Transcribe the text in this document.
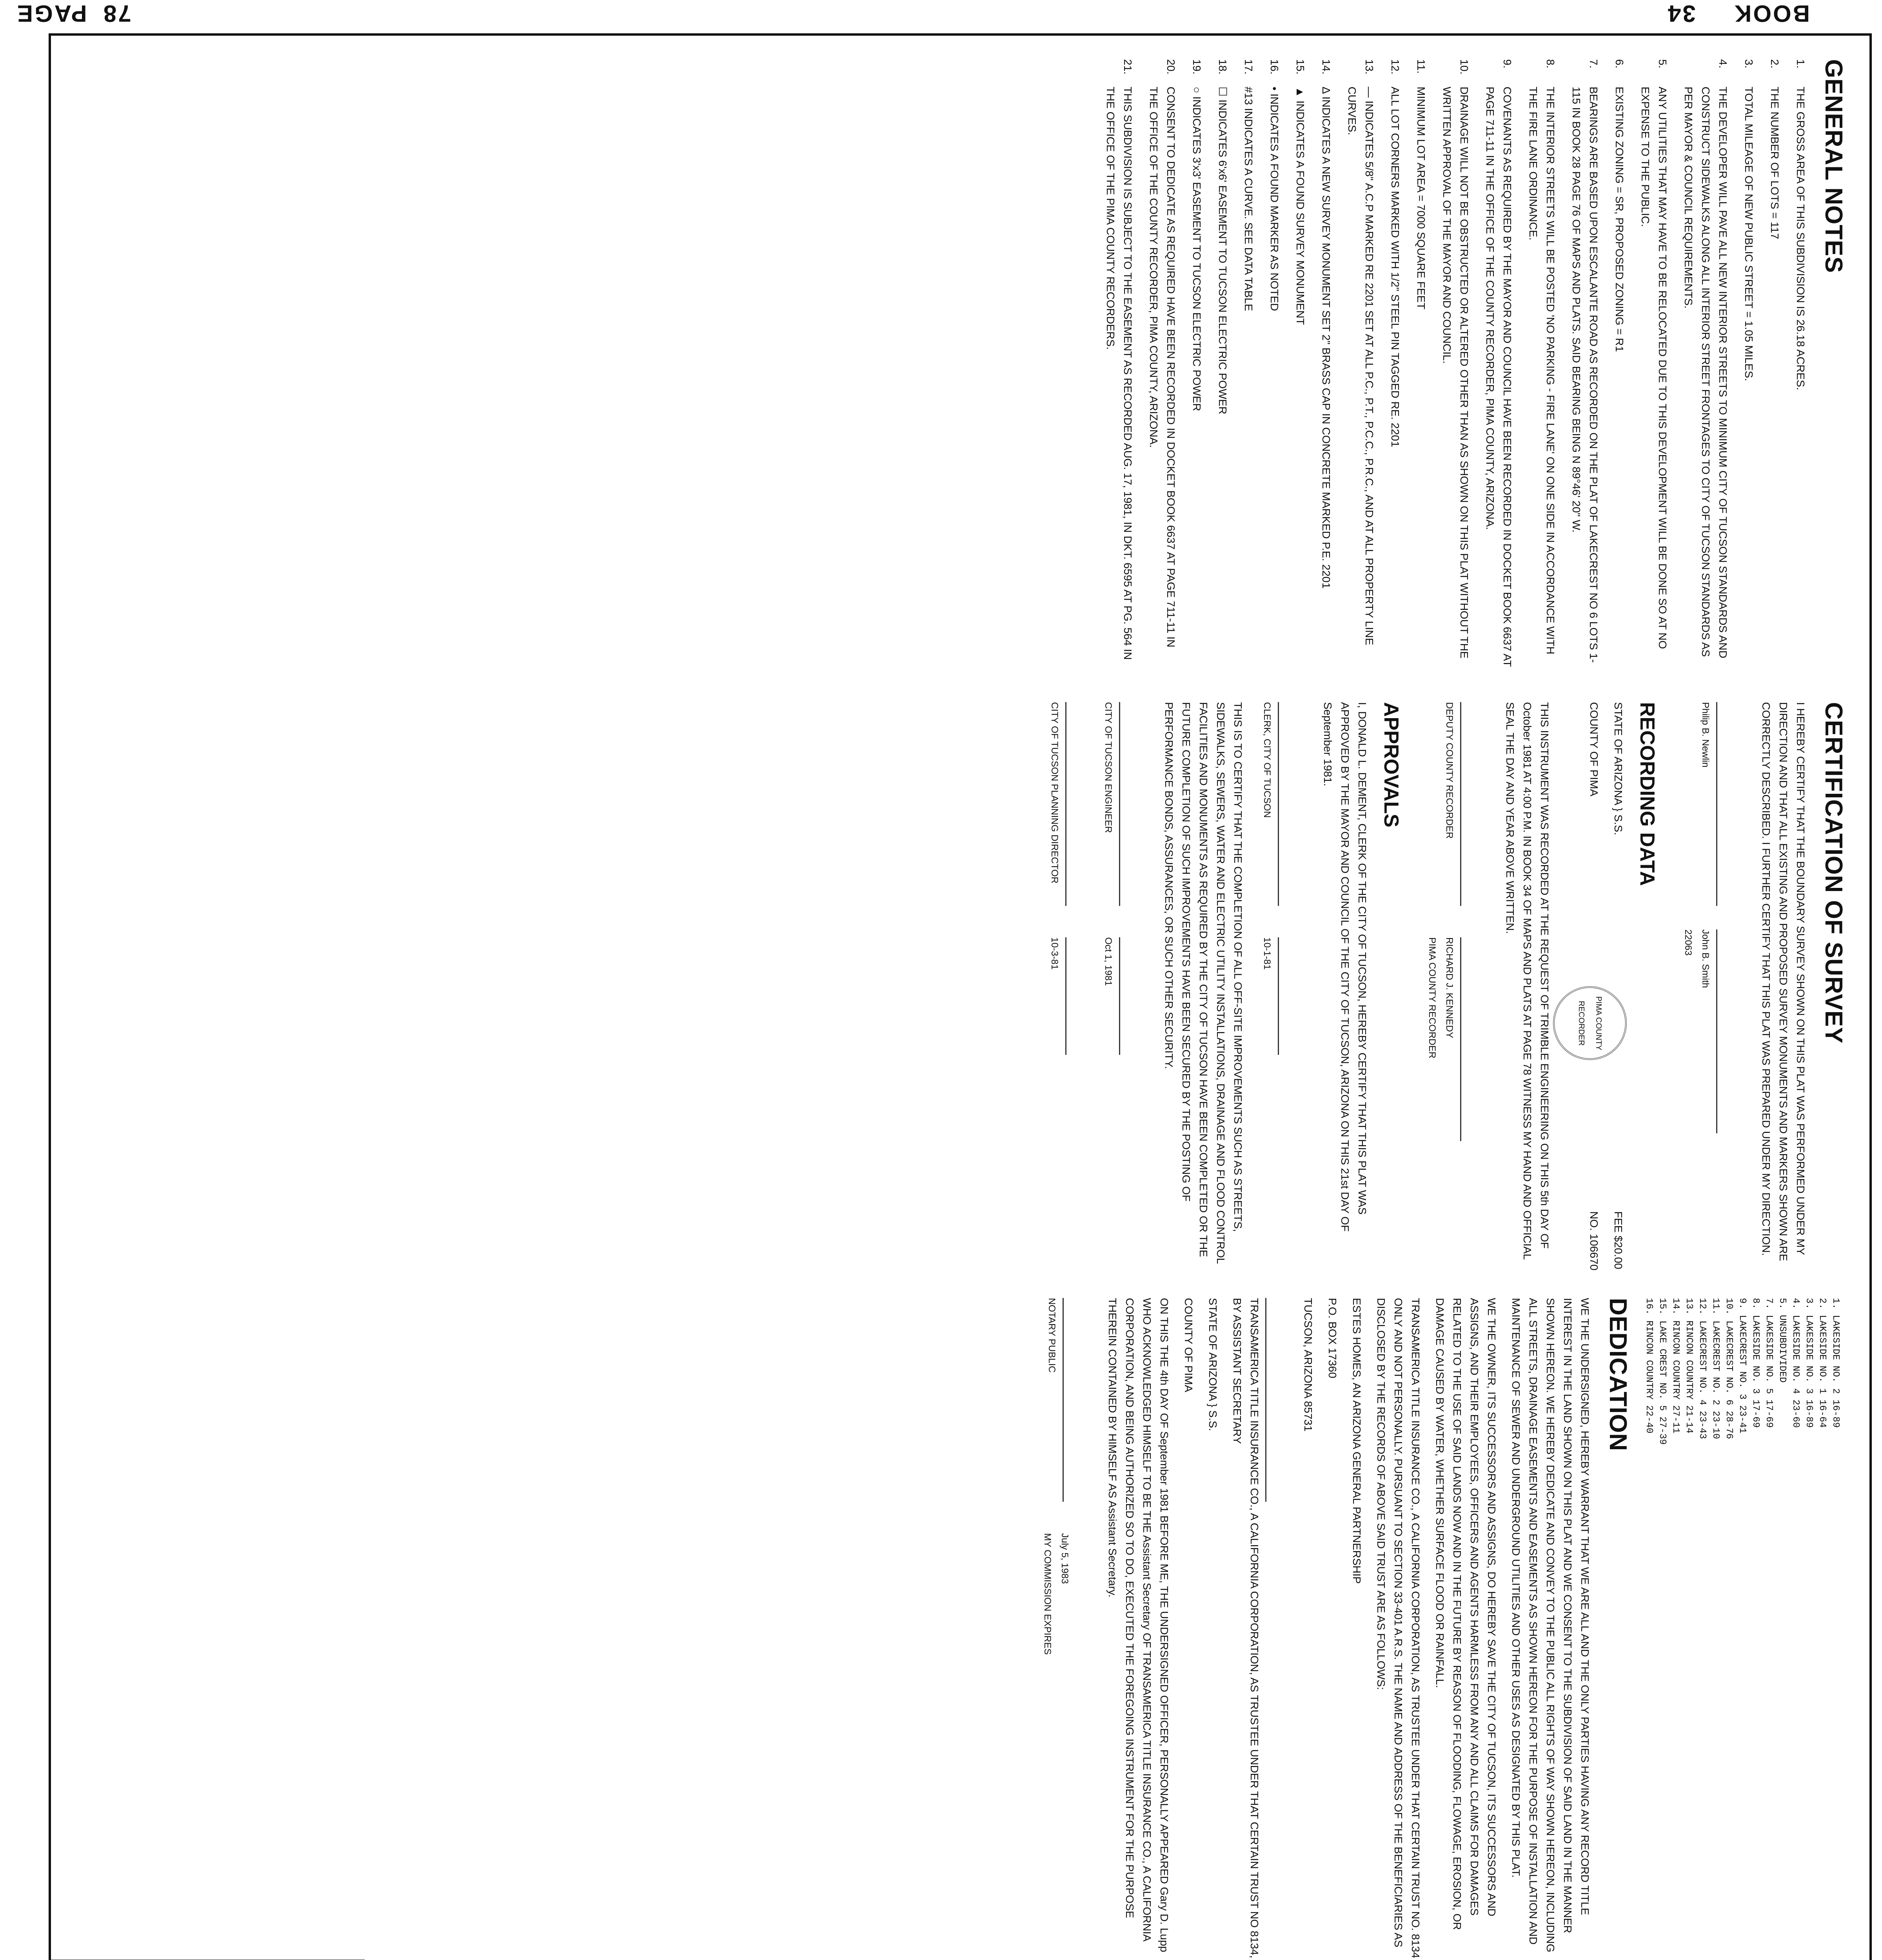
PAGE 78	BOOK
34
GENERAL NOTES
1.
THE GROSS AREA OF THIS SUBDIVISION IS 26.18 ACRES.
2.
THE NUMBER OF LOTS = 117
3.
TOTAL MILEAGE OF NEW PUBLIC STREET = 1.05 MILES.
4.
THE DEVELOPER WILL PAVE ALL NEW INTERIOR STREETS TO MINIMUM CITY OF TUCSON STANDARDS AND CONSTRUCT SIDEWALKS ALONG ALL INTERIOR STREET FRONTAGES TO CITY OF TUCSON STANDARDS AS PER MAYOR & COUNCIL REQUIREMENTS.
5.
ANY UTILITIES THAT MAY HAVE TO BE RELOCATED DUE TO THIS DEVELOPMENT WILL BE DONE SO AT NO EXPENSE TO THE PUBLIC.
6.
EXISTING ZONING = SR, PROPOSED ZONING = R1
7.
BEARINGS ARE BASED UPON ESCALANTE ROAD AS RECORDED ON THE PLAT OF LAKECREST NO 6 LOTS 1-115 IN BOOK 28 PAGE 76 OF MAPS AND PLATS. SAID BEARING BEING N 89°46' 20" W.
8.
THE INTERIOR STREETS WILL BE POSTED 'NO PARKING - FIRE LANE' ON ONE SIDE IN ACCORDANCE WITH THE FIRE LANE ORDINANCE.
9.
COVENANTS AS REQUIRED BY THE MAYOR AND COUNCIL HAVE BEEN RECORDED IN DOCKET BOOK 6637 AT PAGE 711-11 IN THE OFFICE OF THE COUNTY RECORDER, PIMA COUNTY, ARIZONA.
10.
DRAINAGE WILL NOT BE OBSTRUCTED OR ALTERED OTHER THAN AS SHOWN ON THIS PLAT WITHOUT THE WRITTEN APPROVAL OF THE MAYOR AND COUNCIL.
11.
MINIMUM LOT AREA = 7000 SQUARE FEET
12.
ALL LOT CORNERS MARKED WITH 1/2" STEEL PIN TAGGED RE. 2201
13.
— INDICATES 5/8" A.C.P MARKED RE 2201 SET AT ALL P.C., P.T., P.C.C., P.R.C., AND AT ALL PROPERTY LINE CURVES.
14.
Δ INDICATES A NEW SURVEY MONUMENT SET 2" BRASS CAP IN CONCRETE MARKED P.E. 2201
15.
▲ INDICATES A FOUND SURVEY MONUMENT
16.
• INDICATES A FOUND MARKER AS NOTED
17.
#13 INDICATES A CURVE. SEE DATA TABLE
18.
☐ INDICATES 6'x6' EASEMENT TO TUCSON ELECTRIC POWER
19.
○ INDICATES 3'x3' EASEMENT TO TUCSON ELECTRIC POWER
20.
CONSENT TO DEDICATE AS REQUIRED HAVE BEEN RECORDED IN DOCKET BOOK 6637 AT PAGE 711-11 IN THE OFFICE OF THE COUNTY RECORDER, PIMA COUNTY, ARIZONA.
21.
THIS SUBDIVISION IS SUBJECT TO THE EASEMENT AS RECORDED AUG. 17, 1981, IN DKT. 6595 AT PG. 564 IN THE OFFICE OF THE PIMA COUNTY RECORDERS.
CERTIFICATION OF SURVEY

I HEREBY CERTIFY THAT THE BOUNDARY SURVEY SHOWN ON THIS PLAT WAS PERFORMED UNDER MY DIRECTION AND THAT ALL EXISTING AND PROPOSED SURVEY MONUMENTS AND MARKERS SHOWN ARE CORRECTLY DESCRIBED. I FURTHER CERTIFY THAT THIS PLAT WAS PREPARED UNDER MY DIRECTION.

Philip B. Newlin
John B. Smith
22063
RECORDING DATA

STATE OF ARIZONA } S.S.

COUNTY OF PIMA

PIMA COUNTY RECORDER

FEE $20.00

NO. 106670

THIS INSTRUMENT WAS RECORDED AT THE REQUEST OF TRIMBLE ENGINEERING ON THIS 5th DAY OF October 1981 AT 4:00 P.M. IN BOOK 34 OF MAPS AND PLATS AT PAGE 78 WITNESS MY HAND AND OFFICIAL SEAL THE DAY AND YEAR ABOVE WRITTEN.

DEPUTY COUNTY RECORDER
RICHARD J. KENNEDY
PIMA COUNTY RECORDER
APPROVALS

I, DONALD L. DEMENT, CLERK OF THE CITY OF TUCSON, HEREBY CERTIFY THAT THIS PLAT WAS APPROVED BY THE MAYOR AND COUNCIL OF THE CITY OF TUCSON, ARIZONA ON THIS 21st DAY OF September 1981.

CLERK, CITY OF TUCSON
10-1-81

THIS IS TO CERTIFY THAT THE COMPLETION OF ALL OFF-SITE IMPROVEMENTS SUCH AS STREETS, SIDEWALKS, SEWERS, WATER AND ELECTRIC UTILITY INSTALLATIONS, DRAINAGE AND FLOOD CONTROL FACILITIES AND MONUMENTS AS REQUIRED BY THE CITY OF TUCSON HAVE BEEN COMPLETED OR THE FUTURE COMPLETION OF SUCH IMPROVEMENTS HAVE BEEN SECURED BY THE POSTING OF PERFORMANCE BONDS, ASSURANCES, OR SUCH OTHER SECURITY.

CITY OF TUCSON ENGINEER
Oct 1, 1981
CITY OF TUCSON PLANNING DIRECTOR
10-3-81
1. LAKESIDE NO. 2 16-89
2. LAKESIDE NO. 1 16-64
3. LAKESIDE NO. 3 16-89
4. LAKESIDE NO. 4 23-60
5. UNSUBDIVIDED
7. LAKESIDE NO. 5 17-69
8. LAKESIDE NO. 3 17-69
9. LAKECREST NO. 3 23-41
10. LAKECREST NO. 6 28-76
11. LAKECREST NO. 2 23-10
12. LAKECREST NO. 4 23-43
13. RINCON COUNTRY 21-14
14. RINCON COUNTRY 27-11
15. LAKE CREST NO. 5 27-39
16. RINCON COUNTRY 22-40
DEDICATION

WE THE UNDERSIGNED, HEREBY WARRANT THAT WE ARE ALL AND THE ONLY PARTIES HAVING ANY RECORD TITLE INTEREST IN THE LAND SHOWN ON THIS PLAT AND WE CONSENT TO THE SUBDIVISION OF SAID LAND IN THE MANNER SHOWN HEREON. WE HEREBY DEDICATE AND CONVEY TO THE PUBLIC ALL RIGHTS OF WAY SHOWN HEREON, INCLUDING ALL STREETS, DRAINAGE EASEMENTS AND EASEMENTS AS SHOWN HEREON FOR THE PURPOSE OF INSTALLATION AND MAINTENANCE OF SEWER AND UNDERGROUND UTILITIES AND OTHER USES AS DESIGNATED BY THIS PLAT.

WE THE OWNER, ITS SUCCESSORS AND ASSIGNS, DO HEREBY SAVE THE CITY OF TUCSON, ITS SUCCESSORS AND ASSIGNS, AND THEIR EMPLOYEES, OFFICERS AND AGENTS HARMLESS FROM ANY AND ALL CLAIMS FOR DAMAGES RELATED TO THE USE OF SAID LANDS NOW AND IN THE FUTURE BY REASON OF FLOODING, FLOWAGE, EROSION, OR DAMAGE CAUSED BY WATER, WHETHER SURFACE FLOOD OR RAINFALL.

TRANSAMERICA TITLE INSURANCE CO., A CALIFORNIA CORPORATION, AS TRUSTEE UNDER THAT CERTAIN TRUST NO. 8134 ONLY AND NOT PERSONALLY. PURSUANT TO SECTION 33-401 A.R.S. THE NAME AND ADDRESS OF THE BENEFICIARIES AS DISCLOSED BY THE RECORDS OF ABOVE SAID TRUST ARE AS FOLLOWS:

ESTES HOMES, AN ARIZONA GENERAL PARTNERSHIP

P.O. BOX 17360

TUCSON, ARIZONA 85731

TRANSAMERICA TITLE INSURANCE CO., A CALIFORNIA CORPORATION, AS TRUSTEE UNDER THAT CERTAIN TRUST NO 8134, BY ASSISTANT SECRETARY

STATE OF ARIZONA } S.S.

COUNTY OF PIMA

ON THIS THE 4th DAY OF September 1981 BEFORE ME, THE UNDERSIGNED OFFICER, PERSONALLY APPEARED Gary D. Lupp WHO ACKNOWLEDGED HIMSELF TO BE THE Assistant Secretary OF TRANSAMERICA TITLE INSURANCE CO., A CALIFORNIA CORPORATION, AND BEING AUTHORIZED SO TO DO, EXECUTED THE FOREGOING INSTRUMENT FOR THE PURPOSE THEREIN CONTAINED BY HIMSELF AS Assistant Secretary.

NOTARY PUBLIC
July 5, 1983
MY COMMISSION EXPIRES
